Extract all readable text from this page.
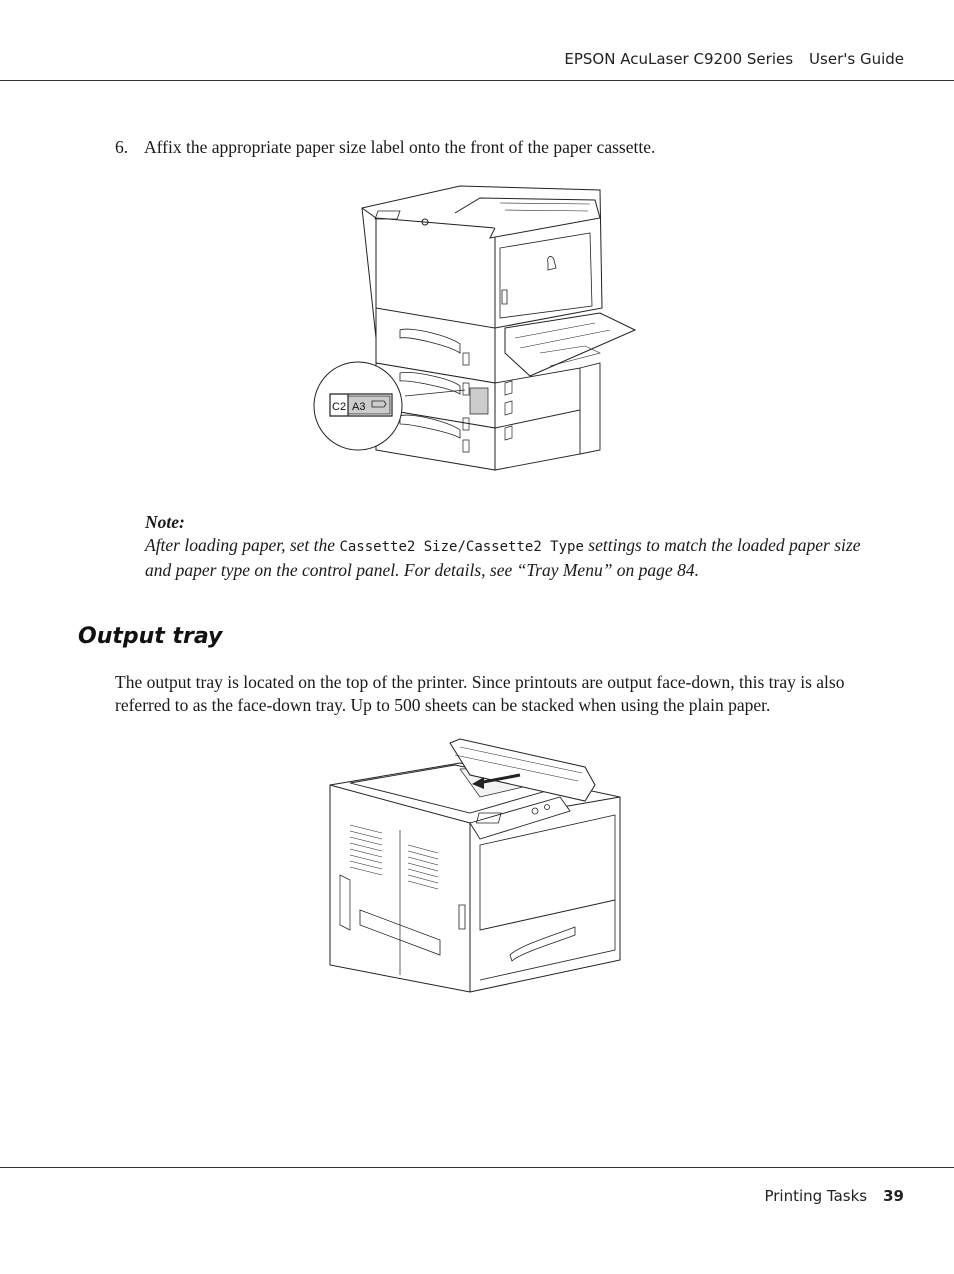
EPSON AcuLaser C9200 Series User's Guide
6. Affix the appropriate paper size label onto the front of the paper cassette.
C2 A3
Note:
After loading paper, set the Cassette2 Size/Cassette2 Type settings to match the loaded paper size and paper type on the control panel. For details, see “Tray Menu” on page 84.
Output tray
The output tray is located on the top of the printer. Since printouts are output face-down, this tray is also referred to as the face-down tray. Up to 500 sheets can be stacked when using the plain paper.
Printing Tasks 39
